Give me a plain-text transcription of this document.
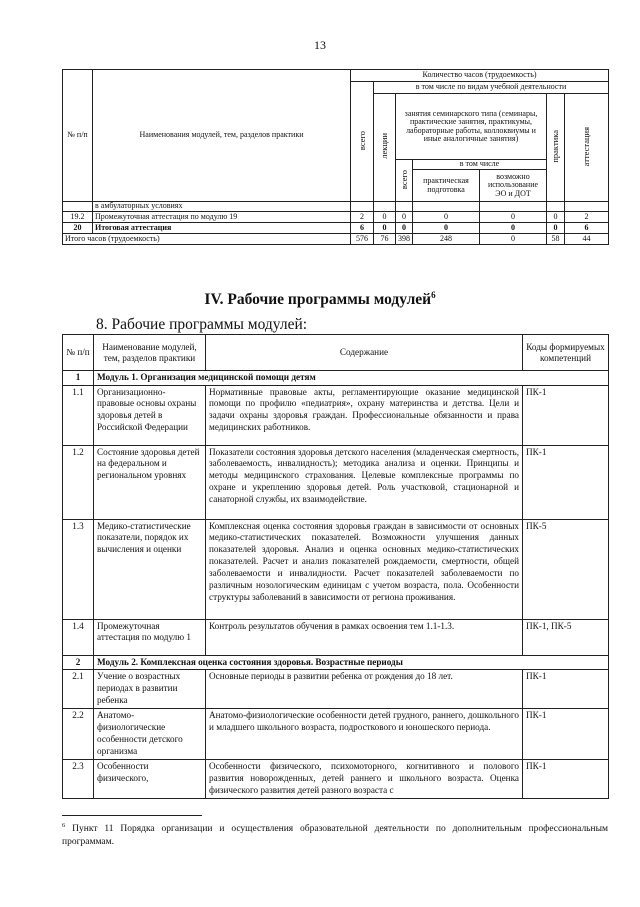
13
№ п/п	Наименования модулей, тем, разделов практики	Количество часов (трудоемкость)						
		всего	в том числе по видам учебной деятельности					
			лекции	занятия семинарского типа (семинары, практические занятия, практикумы, лабораторные работы, коллоквиумы и иные аналогичные занятия)			практика	аттестация
				всего	в том числе			
					практическая подготовка	возможно использование ЭО и ДОТ		
	в амбулаторных условиях							
19.2	Промежуточная аттестация по модулю 19	2	0	0	0	0	0	2
20	Итоговая аттестация	6	0	0	0	0	0	6
Итого часов (трудоемкость)		576	76	398	248	0	58	44
IV. Рабочие программы модулей$^6$
8. Рабочие программы модулей:
№ п/п	Наименование модулей, тем, разделов практики	Содержание	Коды формируемых компетенций
1	Модуль 1. Организация медицинской помощи детям		
1.1	Организационно-правовые основы охраны здоровья детей в Российской Федерации	Нормативные правовые акты, регламентирующие оказание медицинской помощи по профилю «педиатрия», охрану материнства и детства. Цели и задачи охраны здоровья граждан. Профессиональные обязанности и права медицинских работников.	ПК-1
1.2	Состояние здоровья детей на федеральном и региональном уровнях	Показатели состояния здоровья детского населения (младенческая смертность, заболеваемость, инвалидность); методика анализа и оценки. Принципы и методы медицинского страхования. Целевые комплексные программы по охране и укреплению здоровья детей. Роль участковой, стационарной и санаторной службы, их взаимодействие.	ПК-1
1.3	Медико-статистические показатели, порядок их вычисления и оценки	Комплексная оценка состояния здоровья граждан в зависимости от основных медико-статистических показателей. Возможности улучшения данных показателей здоровья. Анализ и оценка основных медико-статистических показателей. Расчет и анализ показателей рождаемости, смертности, общей заболеваемости и инвалидности. Расчет показателей заболеваемости по различным нозологическим единицам с учетом возраста, пола. Особенности структуры заболеваний в зависимости от региона проживания.	ПК-5
1.4	Промежуточная аттестация по модулю 1	Контроль результатов обучения в рамках освоения тем 1.1-1.3.	ПК-1, ПК-5
2	Модуль 2. Комплексная оценка состояния здоровья. Возрастные периоды		
2.1	Учение о возрастных периодах в развитии ребенка	Основные периоды в развитии ребенка от рождения до 18 лет.	ПК-1
2.2	Анатомо-физиологические особенности детского организма	Анатомо-физиологические особенности детей грудного, раннего, дошкольного и младшего школьного возраста, подросткового и юношеского периода.	ПК-1
2.3	Особенности физического,	Особенности физического, психомоторного, когнитивного и полового развития новорожденных, детей раннего и школьного возраста. Оценка физического развития детей разного возраста с	ПК-1
$^6$ Пункт 11 Порядка организации и осуществления образовательной деятельности по дополнительным профессиональным программам.
